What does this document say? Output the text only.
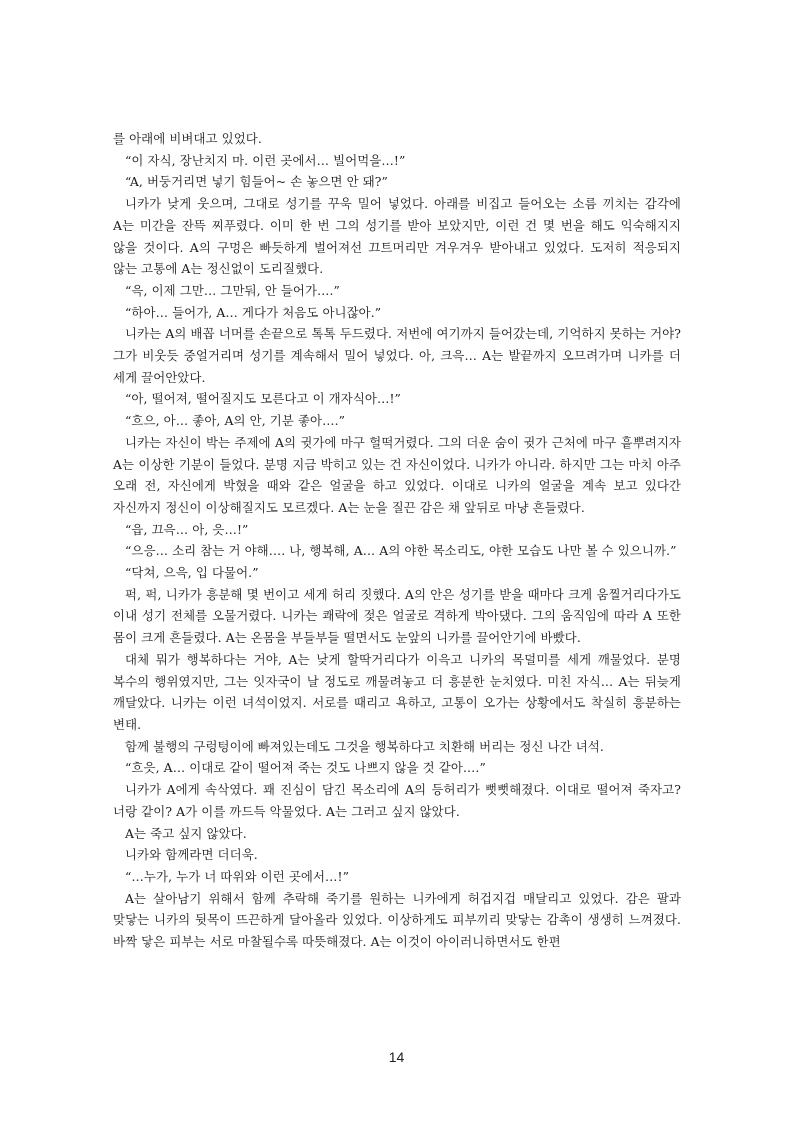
를 아래에 비벼대고 있었다.

“이 자식, 장난치지 마. 이런 곳에서… 빌어먹을…!”

“A, 버둥거리면 넣기 힘들어~ 손 놓으면 안 돼?”

니카가 낮게 웃으며, 그대로 성기를 꾸욱 밀어 넣었다. 아래를 비집고 들어오는 소름 끼치는 감각에 A는 미간을 잔뜩 찌푸렸다. 이미 한 번 그의 성기를 받아 보았지만, 이런 건 몇 번을 해도 익숙해지지 않을 것이다. A의 구멍은 빠듯하게 벌어져선 끄트머리만 겨우겨우 받아내고 있었다. 도저히 적응되지 않는 고통에 A는 정신없이 도리질했다.

“윽, 이제 그만… 그만둬, 안 들어가….”

“하아… 들어가, A… 게다가 처음도 아니잖아.”

니카는 A의 배꼽 너머를 손끝으로 톡톡 두드렸다. 저번에 여기까지 들어갔는데, 기억하지 못하는 거야? 그가 비웃듯 중얼거리며 성기를 계속해서 밀어 넣었다. 아, 크윽… A는 발끝까지 오므려가며 니카를 더 세게 끌어안았다.

“아, 떨어져, 떨어질지도 모른다고 이 개자식아…!”

“흐으, 아… 좋아, A의 안, 기분 좋아….”

니카는 자신이 박는 주제에 A의 귓가에 마구 헐떡거렸다. 그의 더운 숨이 귓가 근처에 마구 흩뿌려지자 A는 이상한 기분이 들었다. 분명 지금 박히고 있는 건 자신이었다. 니카가 아니라. 하지만 그는 마치 아주 오래 전, 자신에게 박혔을 때와 같은 얼굴을 하고 있었다. 이대로 니카의 얼굴을 계속 보고 있다간 자신까지 정신이 이상해질지도 모르겠다. A는 눈을 질끈 감은 채 앞뒤로 마냥 흔들렸다.

“읍, 끄윽… 아, 읏…!”

“으응… 소리 참는 거 야해…. 나, 행복해, A… A의 야한 목소리도, 야한 모습도 나만 볼 수 있으니까.”

“닥쳐, 으윽, 입 다물어.”

퍽, 퍽, 니카가 흥분해 몇 번이고 세게 허리 짓했다. A의 안은 성기를 받을 때마다 크게 움찔거리다가도 이내 성기 전체를 오물거렸다. 니카는 쾌락에 젖은 얼굴로 격하게 박아댔다. 그의 움직임에 따라 A 또한 몸이 크게 흔들렸다. A는 온몸을 부들부들 떨면서도 눈앞의 니카를 끌어안기에 바빴다.

대체 뭐가 행복하다는 거야, A는 낮게 할딱거리다가 이윽고 니카의 목덜미를 세게 깨물었다. 분명 복수의 행위였지만, 그는 잇자국이 날 정도로 깨물려놓고 더 흥분한 눈치였다. 미친 자식… A는 뒤늦게 깨달았다. 니카는 이런 녀석이었지. 서로를 때리고 욕하고, 고통이 오가는 상황에서도 착실히 흥분하는 변태.

함께 불행의 구렁텅이에 빠져있는데도 그것을 행복하다고 치환해 버리는 정신 나간 녀석.

“흐읏, A… 이대로 같이 떨어져 죽는 것도 나쁘지 않을 것 같아….”

니카가 A에게 속삭였다. 꽤 진심이 담긴 목소리에 A의 등허리가 뻣뻣해졌다. 이대로 떨어져 죽자고? 너랑 같이? A가 이를 까드득 악물었다. A는 그러고 싶지 않았다.

A는 죽고 싶지 않았다.

니카와 함께라면 더더욱.

“…누가, 누가 너 따위와 이런 곳에서…!”

A는 살아남기 위해서 함께 추락해 죽기를 원하는 니카에게 허겁지겁 매달리고 있었다. 감은 팔과 맞닿는 니카의 뒷목이 뜨끈하게 달아올라 있었다. 이상하게도 피부끼리 맞닿는 감촉이 생생히 느껴졌다. 바짝 닿은 피부는 서로 마찰될수록 따뜻해졌다. A는 이것이 아이러니하면서도 한편

14
